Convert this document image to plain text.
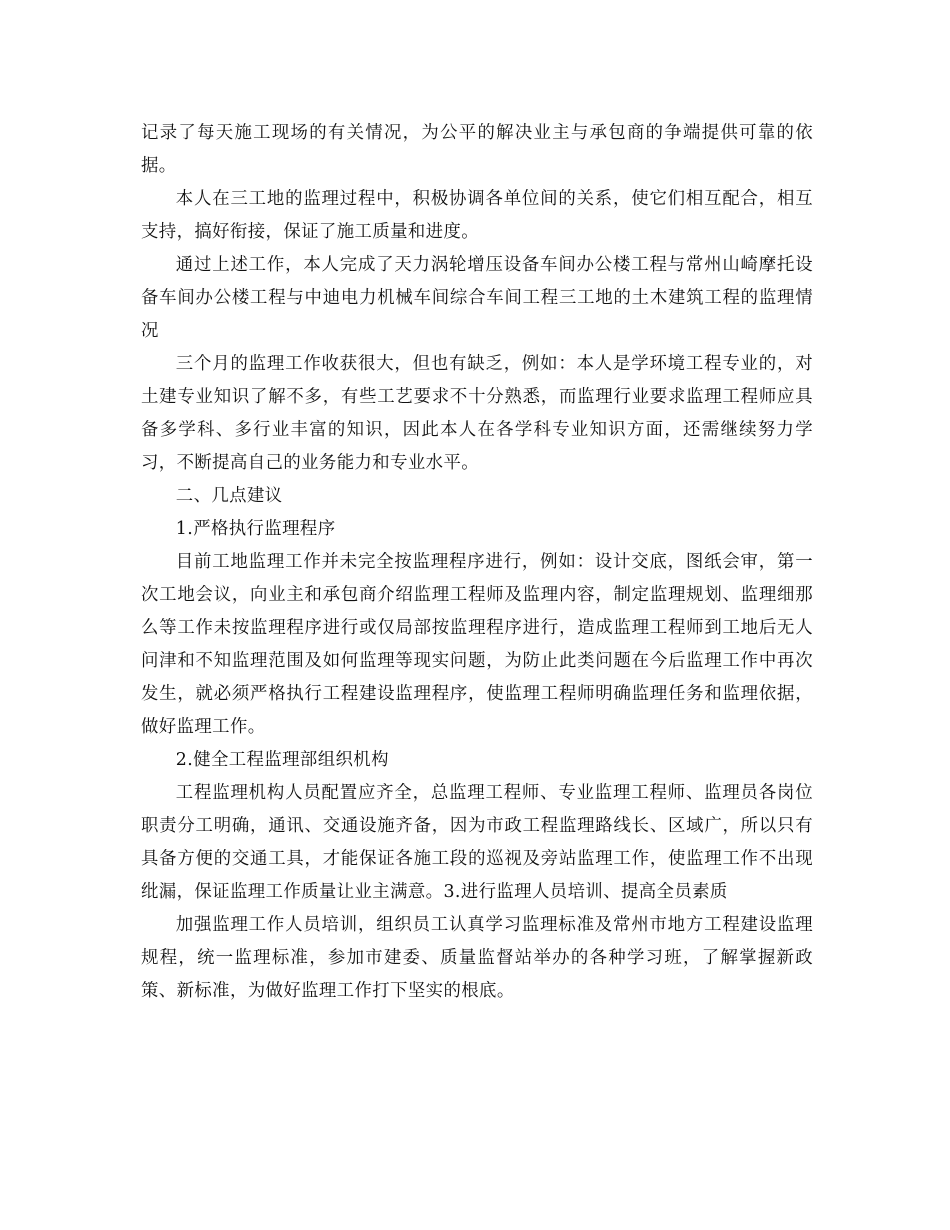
记录了每天施工现场的有关情况，为公平的解决业主与承包商的争端提供可靠的依据。

本人在三工地的监理过程中，积极协调各单位间的关系，使它们相互配合，相互支持，搞好衔接，保证了施工质量和进度。

通过上述工作，本人完成了天力涡轮增压设备车间办公楼工程与常州山崎摩托设备车间办公楼工程与中迪电力机械车间综合车间工程三工地的土木建筑工程的监理情况

三个月的监理工作收获很大，但也有缺乏，例如：本人是学环境工程专业的，对土建专业知识了解不多，有些工艺要求不十分熟悉，而监理行业要求监理工程师应具备多学科、多行业丰富的知识，因此本人在各学科专业知识方面，还需继续努力学习，不断提高自己的业务能力和专业水平。

二、几点建议

1.严格执行监理程序

目前工地监理工作并未完全按监理程序进行，例如：设计交底，图纸会审，第一次工地会议，向业主和承包商介绍监理工程师及监理内容，制定监理规划、监理细那么等工作未按监理程序进行或仅局部按监理程序进行，造成监理工程师到工地后无人问津和不知监理范围及如何监理等现实问题，为防止此类问题在今后监理工作中再次发生，就必须严格执行工程建设监理程序，使监理工程师明确监理任务和监理依据，做好监理工作。

2.健全工程监理部组织机构

工程监理机构人员配置应齐全，总监理工程师、专业监理工程师、监理员各岗位职责分工明确，通讯、交通设施齐备，因为市政工程监理路线长、区域广，所以只有具备方便的交通工具，才能保证各施工段的巡视及旁站监理工作，使监理工作不出现纰漏，保证监理工作质量让业主满意。3.进行监理人员培训、提高全员素质

加强监理工作人员培训，组织员工认真学习监理标准及常州市地方工程建设监理规程，统一监理标准，参加市建委、质量监督站举办的各种学习班，了解掌握新政策、新标准，为做好监理工作打下坚实的根底。
